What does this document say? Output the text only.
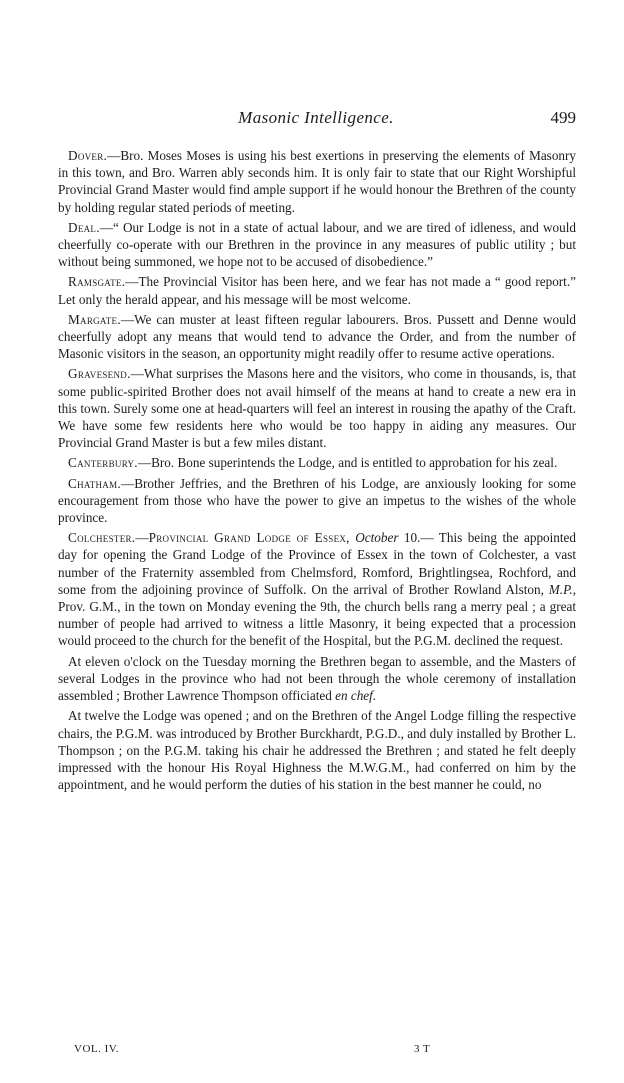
Masonic Intelligence.	499

Dover.—Bro. Moses Moses is using his best exertions in preserving the elements of Masonry in this town, and Bro. Warren ably seconds him. It is only fair to state that our Right Worshipful Provincial Grand Master would find ample support if he would honour the Brethren of the county by holding regular stated periods of meeting.

Deal.—“ Our Lodge is not in a state of actual labour, and we are tired of idleness, and would cheerfully co-operate with our Brethren in the province in any measures of public utility ; but without being summoned, we hope not to be accused of disobedience.”

Ramsgate.—The Provincial Visitor has been here, and we fear has not made a “ good report.” Let only the herald appear, and his message will be most welcome.

Margate.—We can muster at least fifteen regular labourers. Bros. Pussett and Denne would cheerfully adopt any means that would tend to advance the Order, and from the number of Masonic visitors in the season, an opportunity might readily offer to resume active operations.

Gravesend.—What surprises the Masons here and the visitors, who come in thousands, is, that some public-spirited Brother does not avail himself of the means at hand to create a new era in this town. Surely some one at head-quarters will feel an interest in rousing the apathy of the Craft. We have some few residents here who would be too happy in aiding any measures. Our Provincial Grand Master is but a few miles distant.

Canterbury.—Bro. Bone superintends the Lodge, and is entitled to approbation for his zeal.

Chatham.—Brother Jeffries, and the Brethren of his Lodge, are anxiously looking for some encouragement from those who have the power to give an impetus to the wishes of the whole province.

Colchester.—Provincial Grand Lodge of Essex, October 10.— This being the appointed day for opening the Grand Lodge of the Province of Essex in the town of Colchester, a vast number of the Fraternity assembled from Chelmsford, Romford, Brightlingsea, Rochford, and some from the adjoining province of Suffolk. On the arrival of Brother Rowland Alston, M.P., Prov. G.M., in the town on Monday evening the 9th, the church bells rang a merry peal ; a great number of people had arrived to witness a little Masonry, it being expected that a procession would proceed to the church for the benefit of the Hospital, but the P.G.M. declined the request.

At eleven o'clock on the Tuesday morning the Brethren began to assemble, and the Masters of several Lodges in the province who had not been through the whole ceremony of installation assembled ; Brother Lawrence Thompson officiated en chef.

At twelve the Lodge was opened ; and on the Brethren of the Angel Lodge filling the respective chairs, the P.G.M. was introduced by Brother Burckhardt, P.G.D., and duly installed by Brother L. Thompson ; on the P.G.M. taking his chair he addressed the Brethren ; and stated he felt deeply impressed with the honour His Royal Highness the M.W.G.M., had conferred on him by the appointment, and he would perform the duties of his station in the best manner he could, no

VOL. IV.	3 T
